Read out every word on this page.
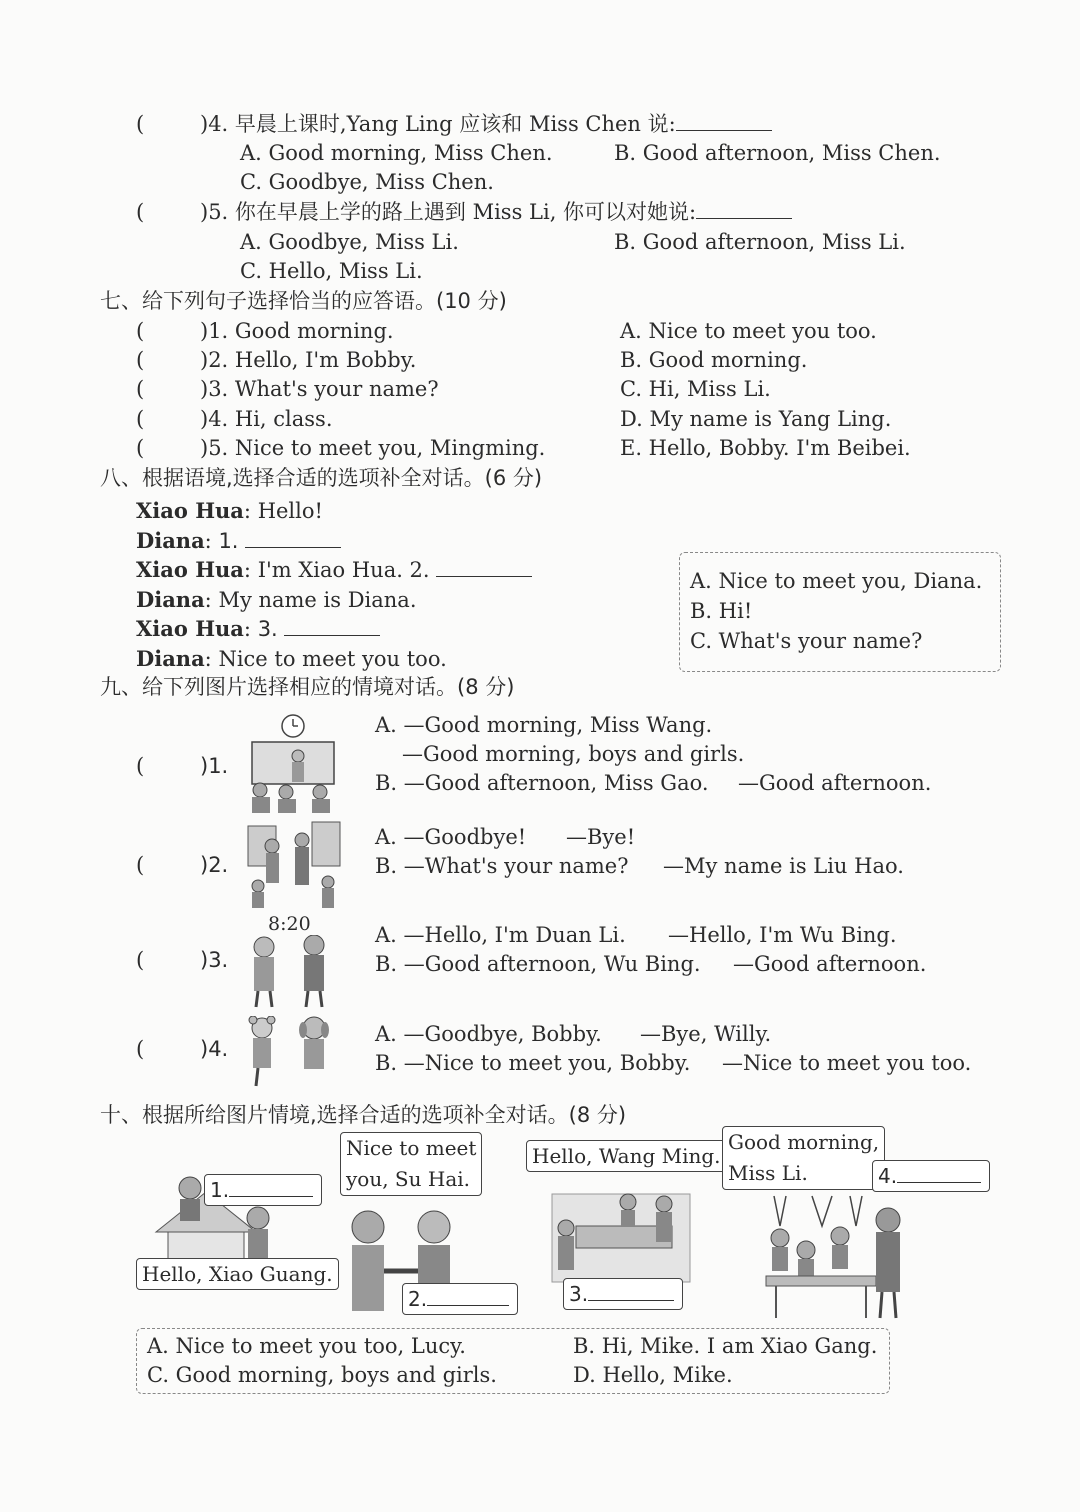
(	)4. 早晨上课时,Yang Ling 应该和 Miss Chen 说:
A. Good morning, Miss Chen.	B. Good afternoon, Miss Chen.
C. Goodbye, Miss Chen.
(	)5. 你在早晨上学的路上遇到 Miss Li, 你可以对她说:
A. Goodbye, Miss Li.	B. Good afternoon, Miss Li.
C. Hello, Miss Li.
七、给下列句子选择恰当的应答语。(10 分)
(	)1. Good morning.	A. Nice to meet you too.
(	)2. Hello, I'm Bobby.	B. Good morning.
(	)3. What's your name?	C. Hi, Miss Li.
(	)4. Hi, class.	D. My name is Yang Ling.
(	)5. Nice to meet you, Mingming.	E. Hello, Bobby. I'm Beibei.
八、根据语境,选择合适的选项补全对话。(6 分)
Xiao Hua: Hello!
Diana: 1.
Xiao Hua: I'm Xiao Hua. 2.
Diana: My name is Diana.
Xiao Hua: 3.
Diana: Nice to meet you too.
A. Nice to meet you, Diana.
B. Hi!
C. What's your name?
九、给下列图片选择相应的情境对话。(8 分)
(	)1.
A. —Good morning, Miss Wang.
—Good morning, boys and girls.
B. —Good afternoon, Miss Gao. —Good afternoon.
(	)2.
A. —Goodbye! —Bye!
B. —What's your name? —My name is Liu Hao.
(	)3.
8:20	A. —Hello, I'm Duan Li. —Hello, I'm Wu Bing.
B. —Good afternoon, Wu Bing. —Good afternoon.
(	)4.
A. —Goodbye, Bobby. —Bye, Willy.
B. —Nice to meet you, Bobby. —Nice to meet you too.
十、根据所给图片情境,选择合适的选项补全对话。(8 分)
1.
Hello, Xiao Guang.
Nice to meet
you, Su Hai.
2.
Hello, Wang Ming.
3.
Good morning,
Miss Li.	4.
A. Nice to meet you too, Lucy.	B. Hi, Mike. I am Xiao Gang.
C. Good morning, boys and girls.	D. Hello, Mike.
